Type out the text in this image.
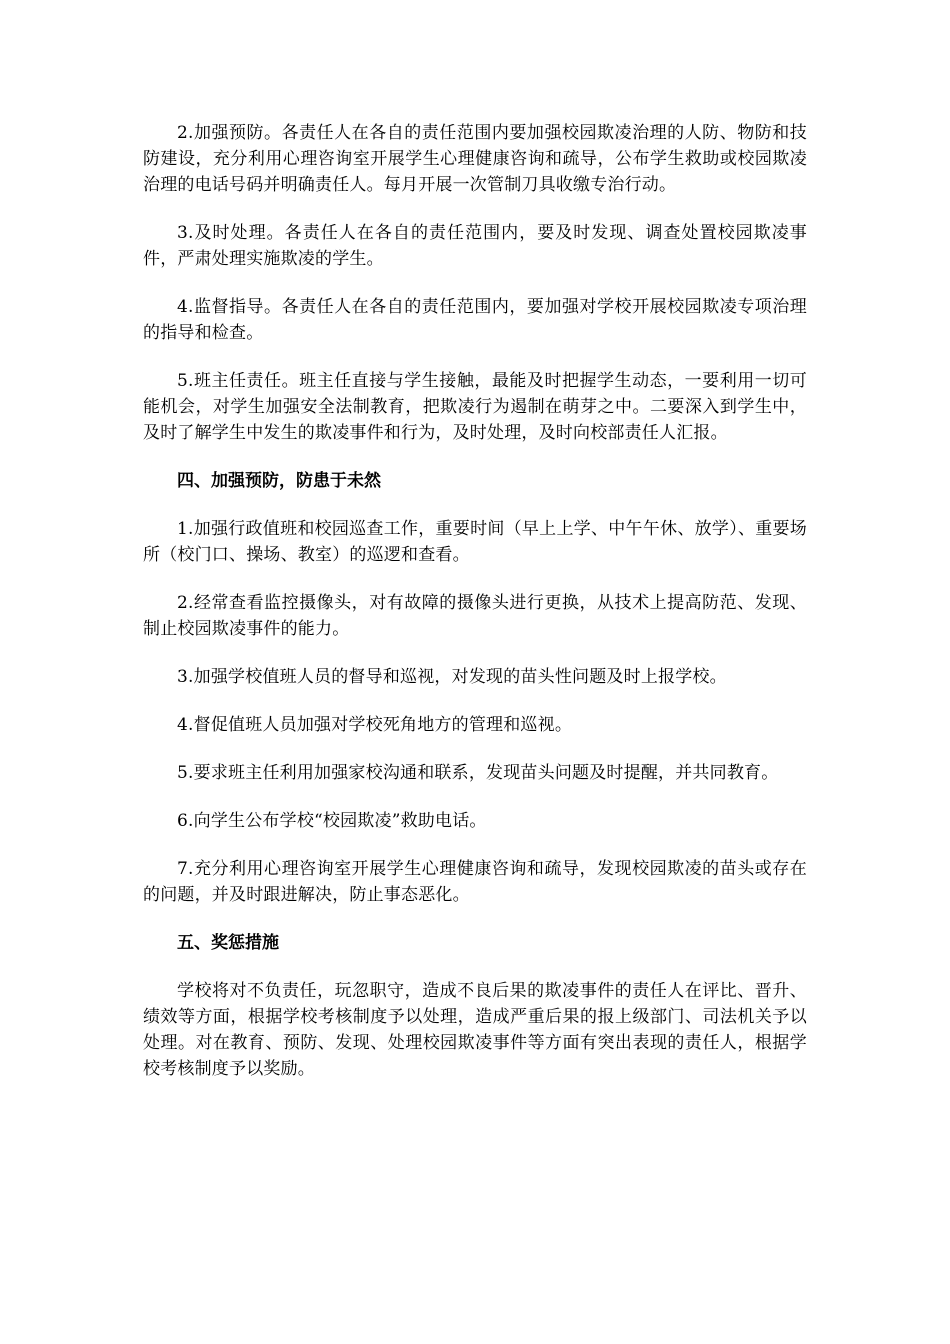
2.加强预防。各责任人在各自的责任范围内要加强校园欺凌治理的人防、物防和技防建设，充分利用心理咨询室开展学生心理健康咨询和疏导，公布学生救助或校园欺凌治理的电话号码并明确责任人。每月开展一次管制刀具收缴专治行动。

3.及时处理。各责任人在各自的责任范围内，要及时发现、调查处置校园欺凌事件，严肃处理实施欺凌的学生。

4.监督指导。各责任人在各自的责任范围内，要加强对学校开展校园欺凌专项治理的指导和检查。

5.班主任责任。班主任直接与学生接触，最能及时把握学生动态，一要利用一切可能机会，对学生加强安全法制教育，把欺凌行为遏制在萌芽之中。二要深入到学生中，及时了解学生中发生的欺凌事件和行为，及时处理，及时向校部责任人汇报。

四、加强预防，防患于未然

1.加强行政值班和校园巡查工作，重要时间（早上上学、中午午休、放学）、重要场所（校门口、操场、教室）的巡逻和查看。

2.经常查看监控摄像头，对有故障的摄像头进行更换，从技术上提高防范、发现、制止校园欺凌事件的能力。

3.加强学校值班人员的督导和巡视，对发现的苗头性问题及时上报学校。

4.督促值班人员加强对学校死角地方的管理和巡视。

5.要求班主任利用加强家校沟通和联系，发现苗头问题及时提醒，并共同教育。

6.向学生公布学校“校园欺凌”救助电话。

7.充分利用心理咨询室开展学生心理健康咨询和疏导，发现校园欺凌的苗头或存在的问题，并及时跟进解决，防止事态恶化。

五、奖惩措施

学校将对不负责任，玩忽职守，造成不良后果的欺凌事件的责任人在评比、晋升、绩效等方面，根据学校考核制度予以处理，造成严重后果的报上级部门、司法机关予以处理。对在教育、预防、发现、处理校园欺凌事件等方面有突出表现的责任人，根据学校考核制度予以奖励。
